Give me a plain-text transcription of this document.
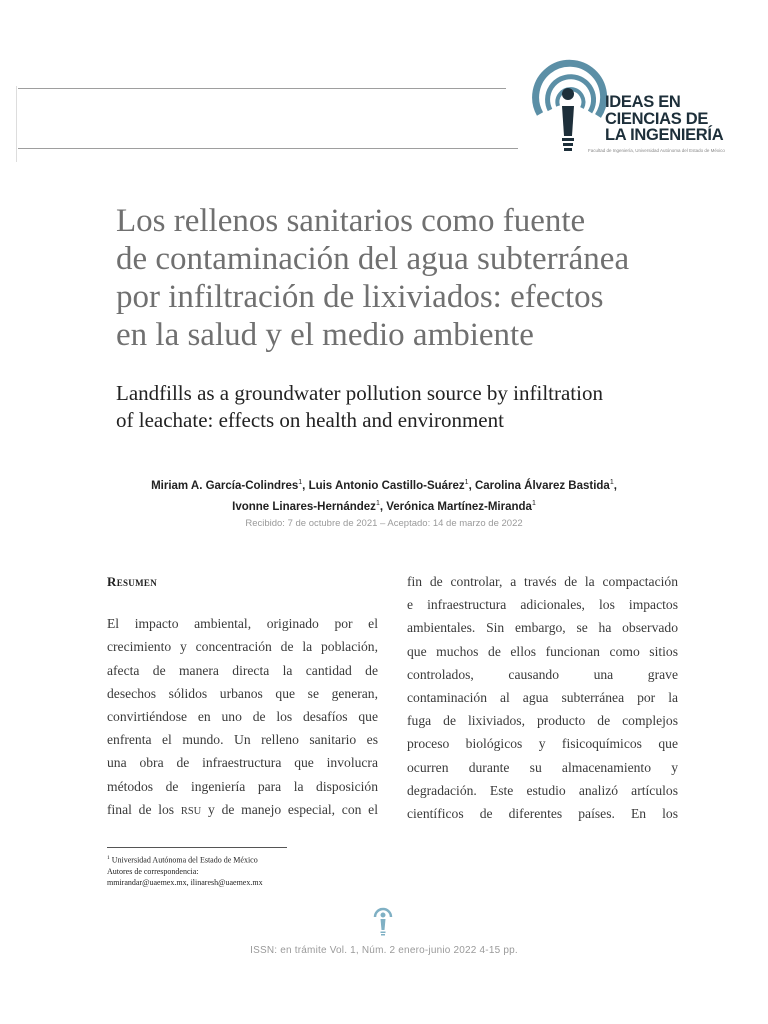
IDEAS EN
CIENCIAS DE
LA INGENIERÍA
Facultad de Ingeniería, Universidad Autónoma del Estado de México
Los rellenos sanitarios como fuente
de contaminación del agua subterránea
por infiltración de lixiviados: efectos
en la salud y el medio ambiente
Landfills as a groundwater pollution source by infiltration
of leachate: effects on health and environment
Miriam A. García-Colindres$^1$, Luis Antonio Castillo-Suárez$^1$, Carolina Álvarez Bastida$^1$,
Ivonne Linares-Hernández$^1$, Verónica Martínez-Miranda$^1$
Recibido: 7 de octubre de 2021 – Aceptado: 14 de marzo de 2022
Resumen
El impacto ambiental, originado por el
crecimiento y concentración de la población,
afecta de manera directa la cantidad de
desechos sólidos urbanos que se generan,
convirtiéndose en uno de los desafíos que
enfrenta el mundo. Un relleno sanitario es
una obra de infraestructura que involucra
métodos de ingeniería para la disposición
final de los RSU y de manejo especial, con el
fin de controlar, a través de la compactación
e infraestructura adicionales, los impactos
ambientales. Sin embargo, se ha observado
que muchos de ellos funcionan como sitios
controlados, causando una grave
contaminación al agua subterránea por la
fuga de lixiviados, producto de complejos
proceso biológicos y fisicoquímicos que
ocurren durante su almacenamiento y
degradación. Este estudio analizó artículos
científicos de diferentes países. En los
$^1$ Universidad Autónoma del Estado de México
Autores de correspondencia:
mmirandar@uaemex.mx, ilinaresh@uaemex.mx
ISSN: en trámite Vol. 1, Núm. 2 enero-junio 2022 4-15 pp.
